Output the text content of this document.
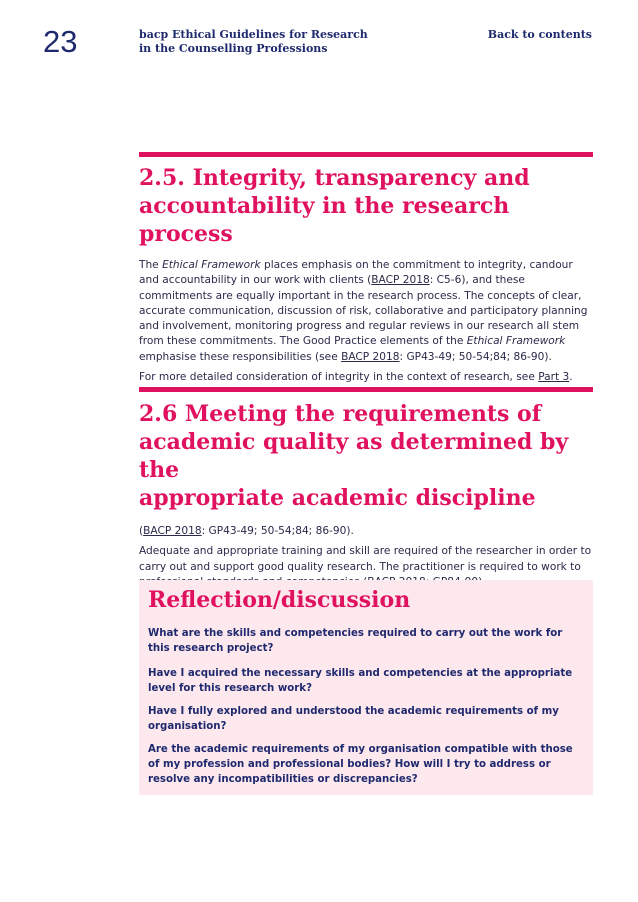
23	bacp Ethical Guidelines for Research
in the Counselling Professions
Back to contents
2.5. Integrity, transparency and
accountability in the research process

The Ethical Framework places emphasis on the commitment to integrity, candour and accountability in our work with clients (BACP 2018: C5-6), and these commitments are equally important in the research process. The concepts of clear, accurate communication, discussion of risk, collaborative and participatory planning and involvement, monitoring progress and regular reviews in our research all stem from these commitments. The Good Practice elements of the Ethical Framework emphasise these responsibilities (see BACP 2018: GP43-49; 50-54;84; 86-90).

For more detailed consideration of integrity in the context of research, see Part 3.

2.6 Meeting the requirements of
academic quality as determined by the
appropriate academic discipline

(BACP 2018: GP43-49; 50-54;84; 86-90).

Adequate and appropriate training and skill are required of the researcher in order to carry out and support good quality research. The practitioner is required to work to

Reflection/discussion

What are the skills and competencies required to carry out the work for this research project?

Have I acquired the necessary skills and competencies at the appropriate level for this research work?

Have I fully explored and understood the academic requirements of my organisation?

Are the academic requirements of my organisation compatible with those of my profession and professional bodies? How will I try to address or resolve any incompatibilities or discrepancies?
